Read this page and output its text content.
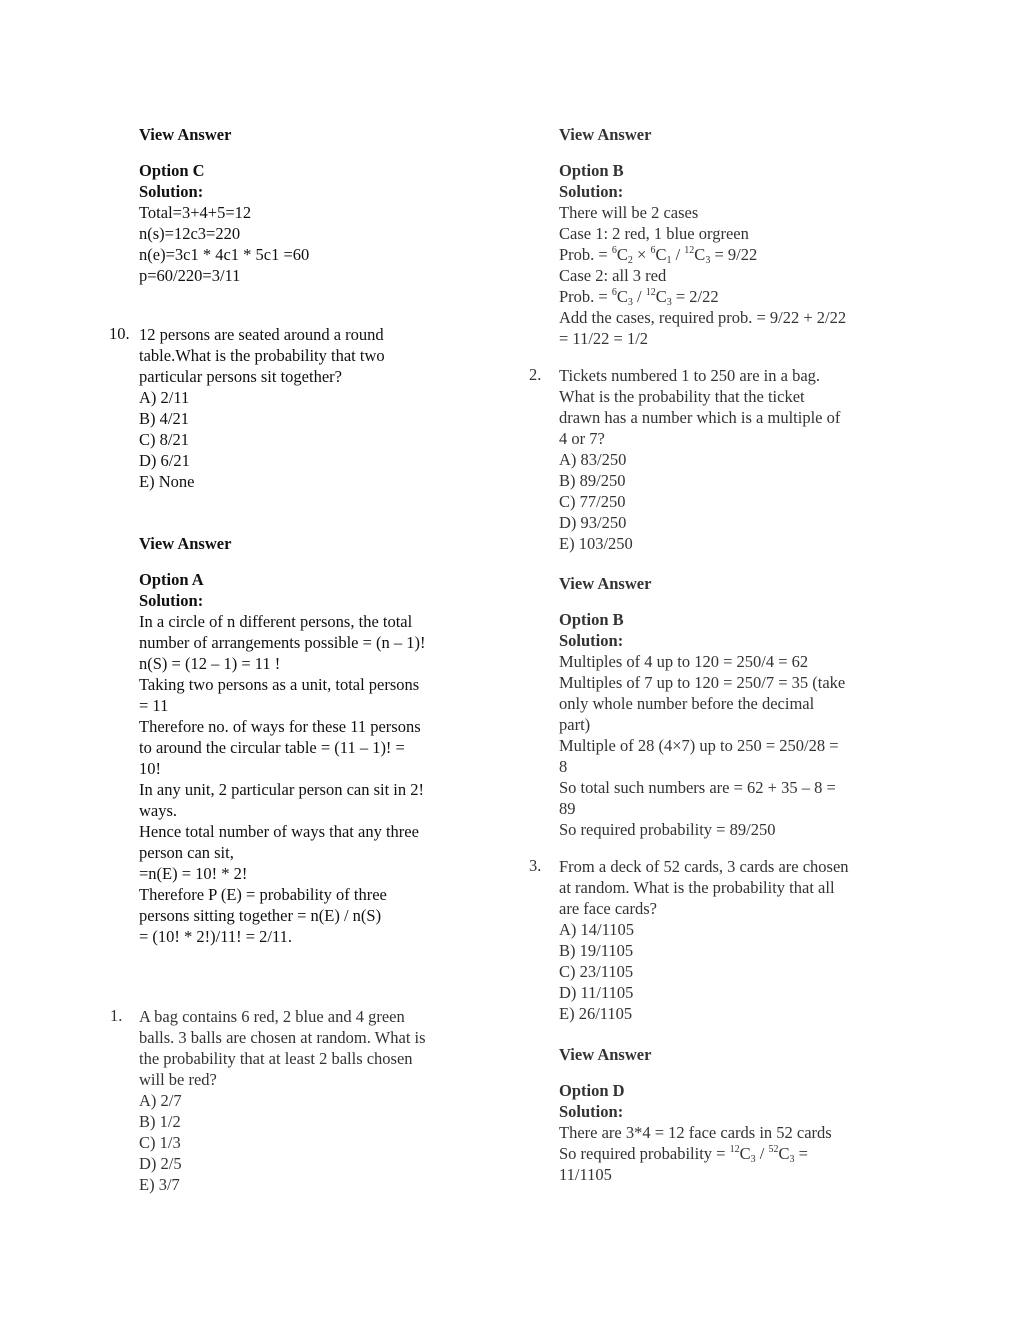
View Answer
Option C
Solution:
Total=3+4+5=12
n(s)=12c3=220
n(e)=3c1 * 4c1 * 5c1 =60
p=60/220=3/11
10. 12 persons are seated around a round
table.What is the probability that two
particular persons sit together?
A) 2/11
B) 4/21
C) 8/21
D) 6/21
E) None
View Answer
Option A
Solution:
In a circle of n different persons, the total
number of arrangements possible = (n – 1)!
n(S) = (12 – 1) = 11 !
Taking two persons as a unit, total persons
= 11
Therefore no. of ways for these 11 persons
to around the circular table = (11 – 1)! =
10!
In any unit, 2 particular person can sit in 2!
ways.
Hence total number of ways that any three
person can sit,
=n(E) = 10! * 2!
Therefore P (E) = probability of three
persons sitting together = n(E) / n(S)
= (10! * 2!)/11! = 2/11.
1. A bag contains 6 red, 2 blue and 4 green
balls. 3 balls are chosen at random. What is
the probability that at least 2 balls chosen
will be red?
A) 2/7
B) 1/2
C) 1/3
D) 2/5
E) 3/7
View Answer
Option B
Solution:
There will be 2 cases
Case 1: 2 red, 1 blue orgreen
Prob. = $^6C_2 \times ^6C_1 / ^{12}C_3 = 9/22$
Case 2: all 3 red
Prob. = $^6C_3 / ^{12}C_3 = 2/22$
Add the cases, required prob. = 9/22 + 2/22
= 11/22 = 1/2
2. Tickets numbered 1 to 250 are in a bag.
What is the probability that the ticket
drawn has a number which is a multiple of
4 or 7?
A) 83/250
B) 89/250
C) 77/250
D) 93/250
E) 103/250
View Answer
Option B
Solution:
Multiples of 4 up to 120 = 250/4 = 62
Multiples of 7 up to 120 = 250/7 = 35 (take
only whole number before the decimal
part)
Multiple of 28 (4×7) up to 250 = 250/28 =
8
So total such numbers are = 62 + 35 – 8 =
89
So required probability = 89/250
3. From a deck of 52 cards, 3 cards are chosen
at random. What is the probability that all
are face cards?
A) 14/1105
B) 19/1105
C) 23/1105
D) 11/1105
E) 26/1105
View Answer
Option D
Solution:
There are 3*4 = 12 face cards in 52 cards
So required probability = $^{12}C_3 / ^{52}C_3$ =
11/1105
